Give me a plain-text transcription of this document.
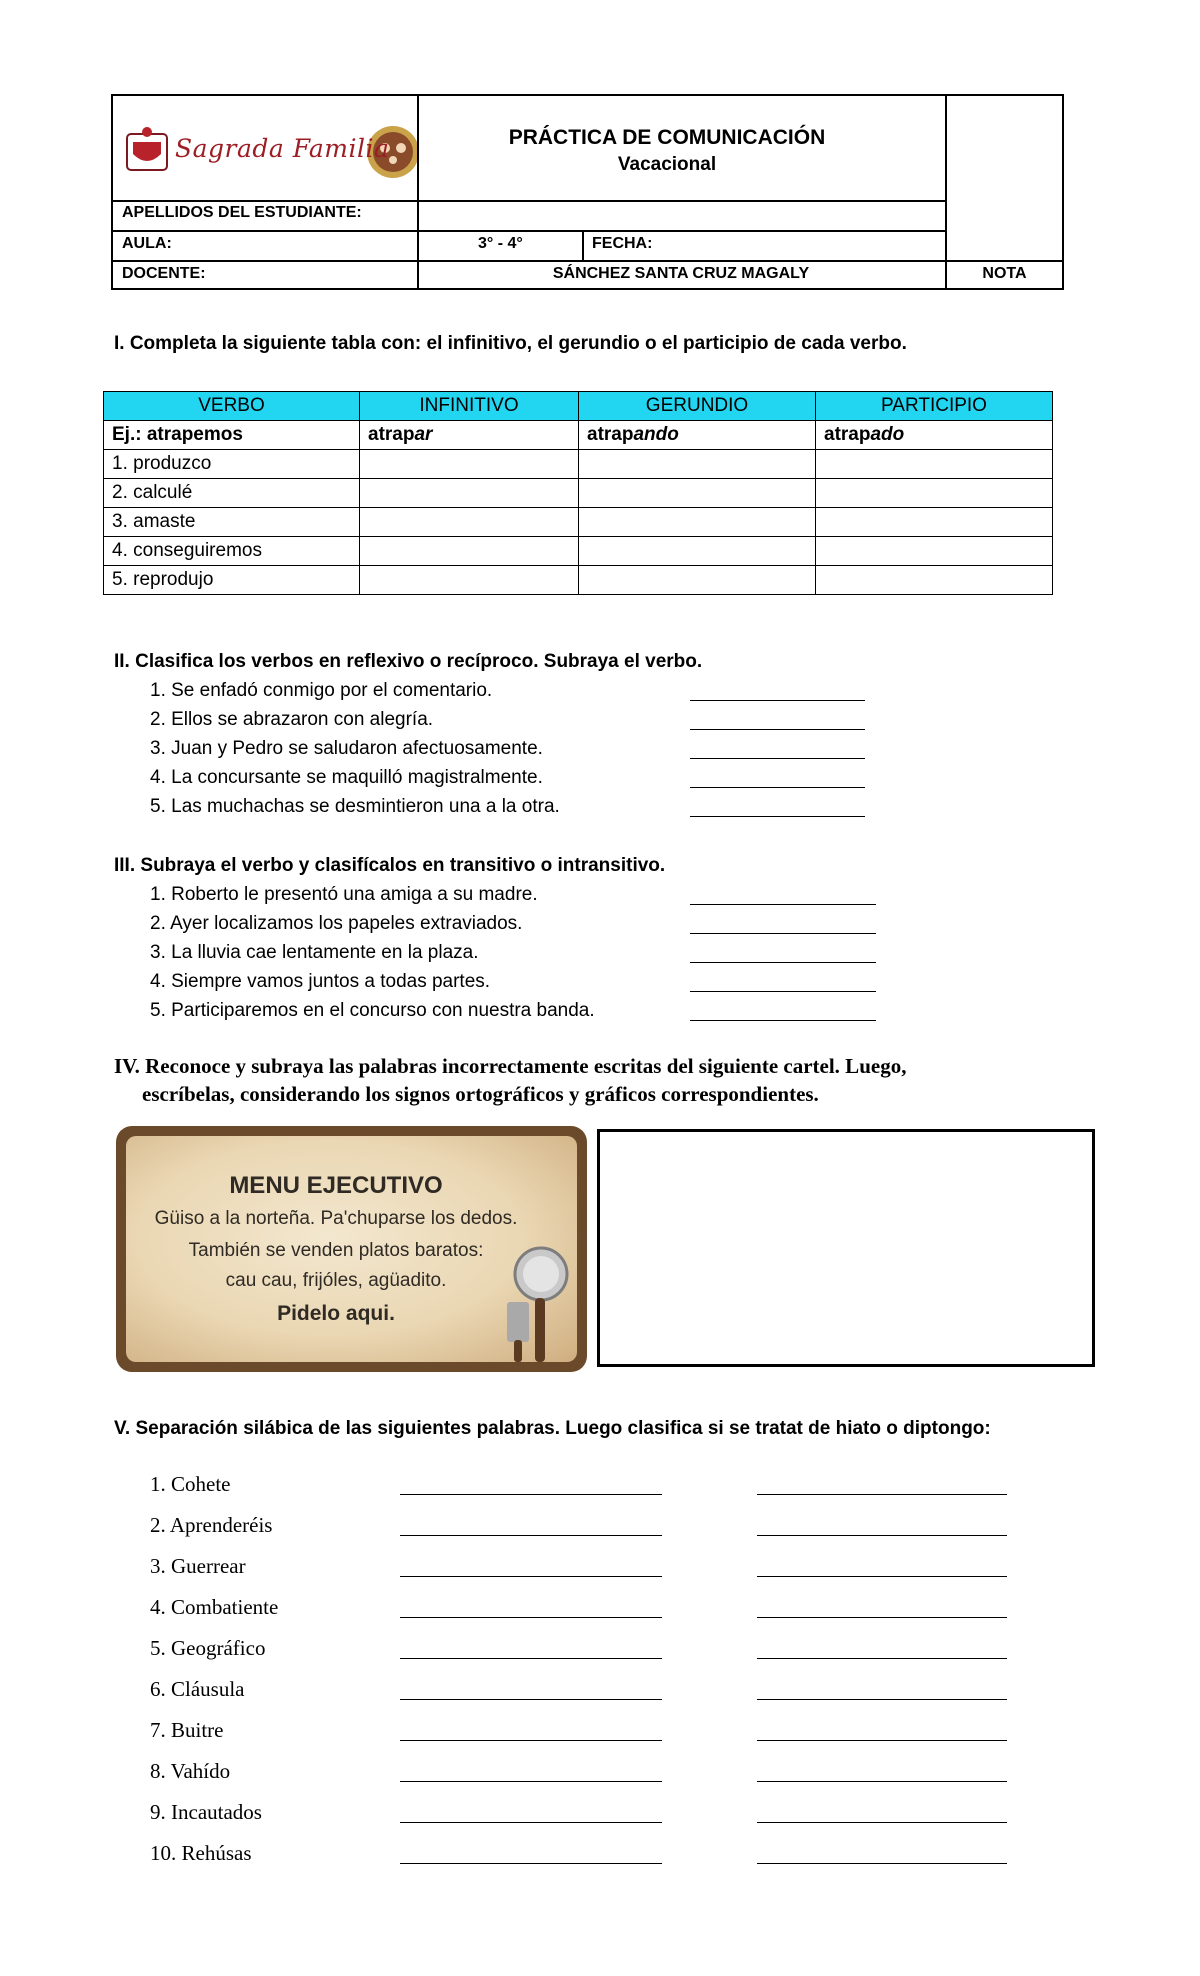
Sagrada Familia	PRÁCTICA DE COMUNICACIÓN
Vacacional
APELLIDOS DEL ESTUDIANTE:
AULA:	3° - 4°	FECHA:
DOCENTE:	SÁNCHEZ SANTA CRUZ MAGALY	NOTA
I. Completa la siguiente tabla con: el infinitivo, el gerundio o el participio de cada verbo.
VERBO	INFINITIVO	GERUNDIO	PARTICIPIO
Ej.: atrapemos	atrapar	atrapando	atrapado
1. produzco			
2. calculé			
3. amaste			
4. conseguiremos			
5. reprodujo			
II. Clasifica los verbos en reflexivo o recíproco. Subraya el verbo.
1. Se enfadó conmigo por el comentario.
2. Ellos se abrazaron con alegría.
3. Juan y Pedro se saludaron afectuosamente.
4. La concursante se maquilló magistralmente.
5. Las muchachas se desmintieron una a la otra.
III. Subraya el verbo y clasifícalos en transitivo o intransitivo.
1. Roberto le presentó una amiga a su madre.
2. Ayer localizamos los papeles extraviados.
3. La lluvia cae lentamente en la plaza.
4. Siempre vamos juntos a todas partes.
5. Participaremos en el concurso con nuestra banda.
IV. Reconoce y subraya las palabras incorrectamente escritas del siguiente cartel. Luego,
escríbelas, considerando los signos ortográficos y gráficos correspondientes.
MENU EJECUTIVO
Güiso a la norteña. Pa'chuparse los dedos.
También se venden platos baratos:
cau cau, frijóles, agüadito.
Pidelo aqui.
V. Separación silábica de las siguientes palabras. Luego clasifica si se tratat de hiato o diptongo:
1. Cohete
2. Aprenderéis
3. Guerrear
4. Combatiente
5. Geográfico
6. Cláusula
7. Buitre
8. Vahído
9. Incautados
10. Rehúsas
